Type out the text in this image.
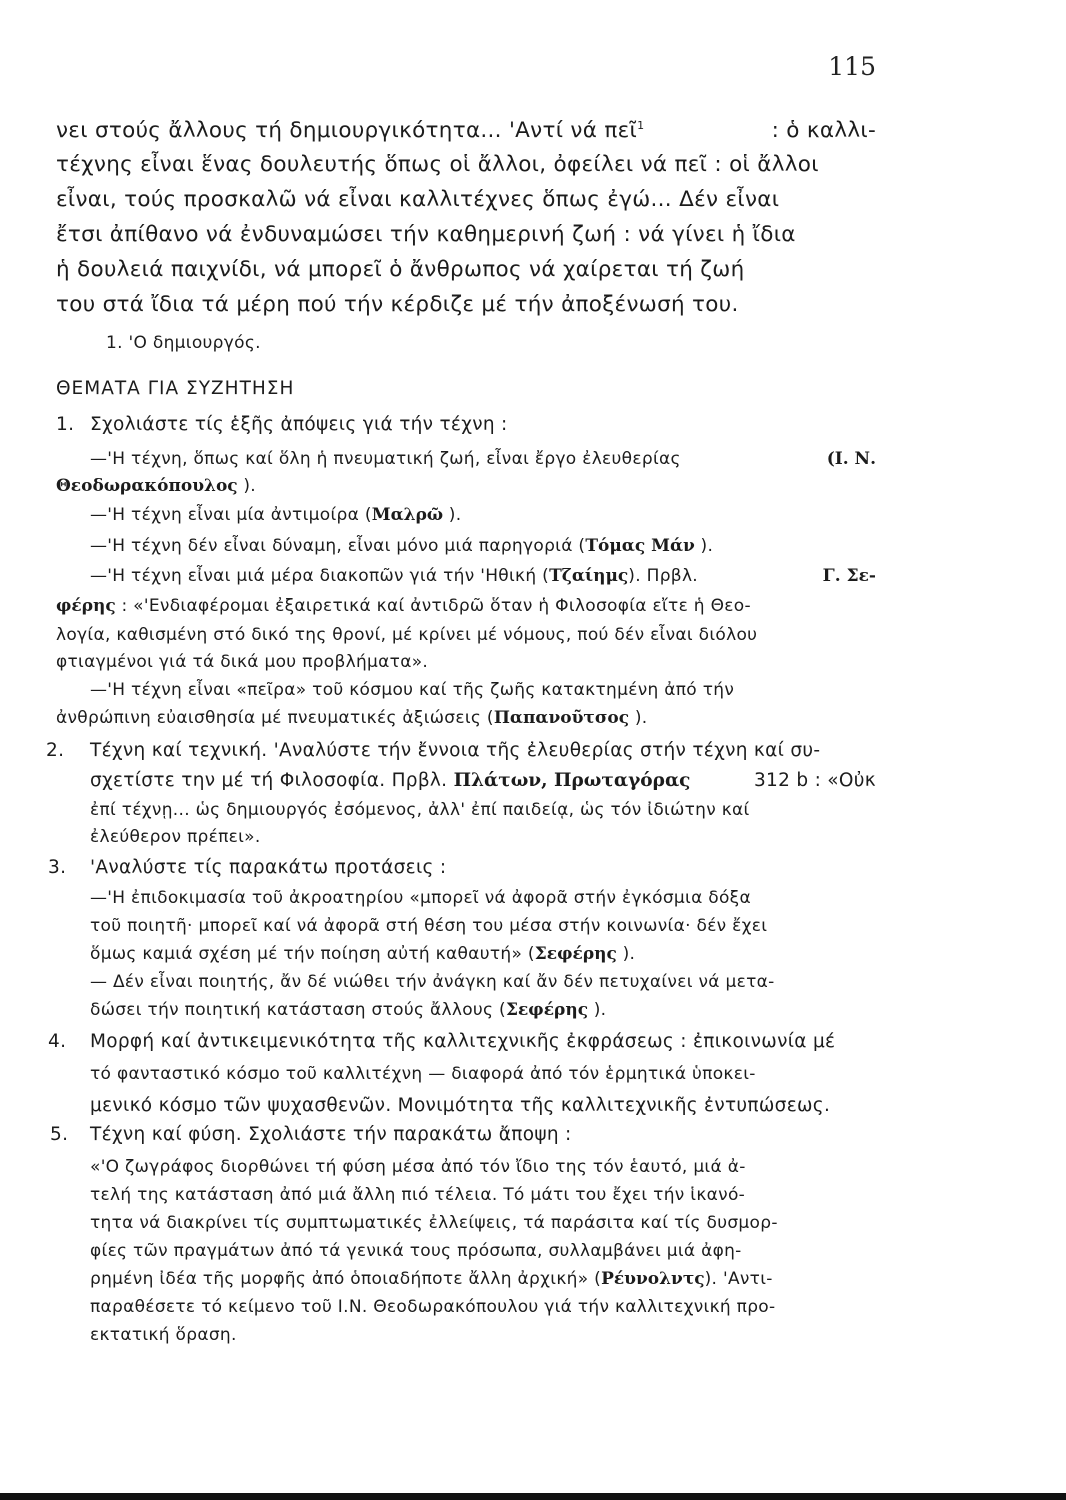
115
νει στούς ἄλλους τή δημιουργικότητα... 'Αντί νά πεῖ$^1$	: ὁ καλλι-
τέχνης εἶναι ἕνας δουλευτής ὅπως οἱ ἄλλοι, ὀφείλει νά πεῖ : οἱ ἄλλοι
εἶναι, τούς προσκαλῶ νά εἶναι καλλιτέχνες ὅπως ἐγώ... Δέν εἶναι
ἔτσι ἀπίθανο νά ἐνδυναμώσει τήν καθημερινή ζωή : νά γίνει ἡ ἴδια
ἡ δουλειά παιχνίδι, νά μπορεῖ ὁ ἄνθρωπος νά χαίρεται τή ζωή
του στά ἴδια τά μέρη πού τήν κέρδιζε μέ τήν ἀποξένωσή του.
1. 'Ο δημιουργός.
ΘΕΜΑΤΑ ΓΙΑ ΣΥΖΗΤΗΣΗ
1. Σχολιάστε τίς ἑξῆς ἀπόψεις γιά τήν τέχνη :
—'Η τέχνη, ὅπως καί ὅλη ἡ πνευματική ζωή, εἶναι ἔργο ἐλευθερίας	(Ι. Ν.
Θεοδωρακόπουλος ).
—'Η τέχνη εἶναι μία ἀντιμοίρα (Μαλρῶ ).
—'Η τέχνη δέν εἶναι δύναμη, εἶναι μόνο μιά παρηγοριά (Τόμας Μάν ).
—'Η τέχνη εἶναι μιά μέρα διακοπῶν γιά τήν 'Ηθική (Τζαίημς). Πρβλ.	Γ. Σε-
φέρης : «'Ενδιαφέρομαι ἐξαιρετικά καί ἀντιδρῶ ὅταν ἡ Φιλοσοφία εἴτε ἡ Θεο-
λογία, καθισμένη στό δικό της θρονί, μέ κρίνει μέ νόμους, πού δέν εἶναι διόλου
φτιαγμένοι γιά τά δικά μου προβλήματα».
—'Η τέχνη εἶναι «πεῖρα» τοῦ κόσμου καί τῆς ζωῆς κατακτημένη ἀπό τήν
ἀνθρώπινη εὐαισθησία μέ πνευματικές ἀξιώσεις (Παπανοῦτσος ).
2. Τέχνη καί τεχνική. 'Αναλύστε τήν ἔννοια τῆς ἐλευθερίας στήν τέχνη καί συ-
σχετίστε την μέ τή Φιλοσοφία. Πρβλ. Πλάτων, Πρωταγόρας	312 b : «Οὐκ
ἐπί τέχνῃ... ὡς δημιουργός ἐσόμενος, ἀλλ' ἐπί παιδείᾳ, ὡς τόν ἰδιώτην καί
ἐλεύθερον πρέπει».
3. 'Αναλύστε τίς παρακάτω προτάσεις :
—'Η ἐπιδοκιμασία τοῦ ἀκροατηρίου «μπορεῖ νά ἀφορᾶ στήν ἐγκόσμια δόξα
τοῦ ποιητῆ· μπορεῖ καί νά ἀφορᾶ στή θέση του μέσα στήν κοινωνία· δέν ἔχει
ὅμως καμιά σχέση μέ τήν ποίηση αὐτή καθαυτή» (Σεφέρης ).
— Δέν εἶναι ποιητής, ἄν δέ νιώθει τήν ἀνάγκη καί ἄν δέν πετυχαίνει νά μετα-
δώσει τήν ποιητική κατάσταση στούς ἄλλους (Σεφέρης ).
4. Μορφή καί ἀντικειμενικότητα τῆς καλλιτεχνικῆς ἐκφράσεως : ἐπικοινωνία μέ
τό φανταστικό κόσμο τοῦ καλλιτέχνη — διαφορά ἀπό τόν ἑρμητικά ὑποκει-
μενικό κόσμο τῶν ψυχασθενῶν. Μονιμότητα τῆς καλλιτεχνικῆς ἐντυπώσεως.
5. Τέχνη καί φύση. Σχολιάστε τήν παρακάτω ἄποψη :
«'Ο ζωγράφος διορθώνει τή φύση μέσα ἀπό τόν ἴδιο της τόν ἑαυτό, μιά ἀ-
τελή της κατάσταση ἀπό μιά ἄλλη πιό τέλεια. Τό μάτι του ἔχει τήν ἱκανό-
τητα νά διακρίνει τίς συμπτωματικές ἐλλείψεις, τά παράσιτα καί τίς δυσμορ-
φίες τῶν πραγμάτων ἀπό τά γενικά τους πρόσωπα, συλλαμβάνει μιά ἀφη-
ρημένη ἰδέα τῆς μορφῆς ἀπό ὁποιαδήποτε ἄλλη ἀρχική» (Ρέυνολντς). 'Αντι-
παραθέσετε τό κείμενο τοῦ Ι.Ν. Θεοδωρακόπουλου γιά τήν καλλιτεχνική προ-
εκτατική ὅραση.
